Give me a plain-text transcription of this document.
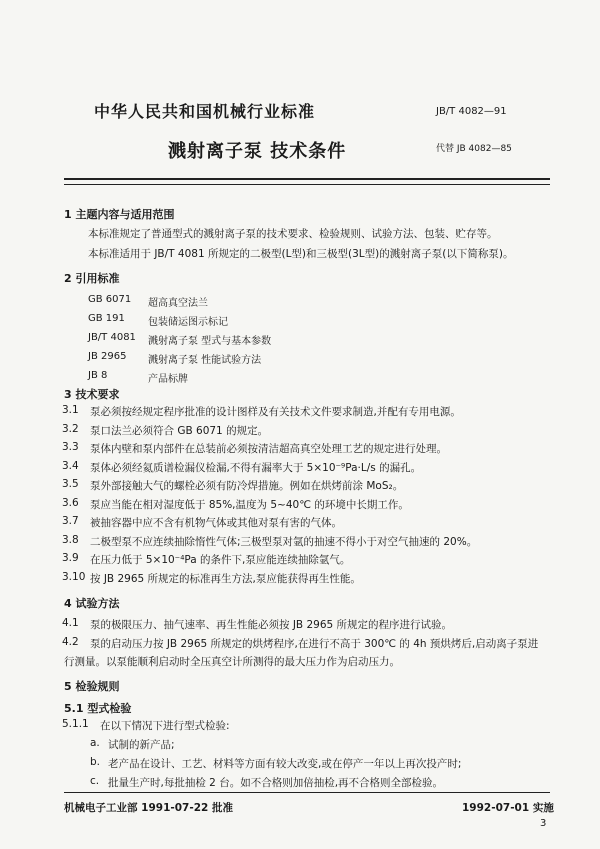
中华人民共和国机械行业标准	JB/T 4082—91
溅射离子泵 技术条件	代替 JB 4082—85
1 主题内容与适用范围
本标准规定了普通型式的溅射离子泵的技术要求、检验规则、试验方法、包装、贮存等。
本标准适用于 JB/T 4081 所规定的二极型(L型)和三极型(3L型)的溅射离子泵(以下简称泵)。
2 引用标准
GB 6071 超高真空法兰
GB 191 包装储运图示标记
JB/T 4081 溅射离子泵 型式与基本参数
JB 2965 溅射离子泵 性能试验方法
JB 8	产品标牌
3 技术要求
3.1 泵必须按经规定程序批准的设计图样及有关技术文件要求制造,并配有专用电源。
3.2 泵口法兰必须符合 GB 6071 的规定。
3.3 泵体内壁和泵内部件在总装前必须按清洁超高真空处理工艺的规定进行处理。
3.4 泵体必须经氦质谱检漏仪检漏,不得有漏率大于 5×10⁻⁹Pa·L/s 的漏孔。
3.5 泵外部接触大气的螺栓必须有防冷焊措施。例如在烘烤前涂 MoS₂。
3.6 泵应当能在相对湿度低于 85%,温度为 5~40℃ 的环境中长期工作。
3.7 被抽容器中应不含有机物气体或其他对泵有害的气体。
3.8 二极型泵不应连续抽除惰性气体;三极型泵对氩的抽速不得小于对空气抽速的 20%。
3.9 在压力低于 5×10⁻⁴Pa 的条件下,泵应能连续抽除氩气。
3.10 按 JB 2965 所规定的标准再生方法,泵应能获得再生性能。
4 试验方法
4.1 泵的极限压力、抽气速率、再生性能必须按 JB 2965 所规定的程序进行试验。
4.2 泵的启动压力按 JB 2965 所规定的烘烤程序,在进行不高于 300℃ 的 4h 预烘烤后,启动离子泵进
行测量。以泵能顺利启动时全压真空计所测得的最大压力作为启动压力。
5 检验规则
5.1 型式检验
5.1.1 在以下情况下进行型式检验:
a. 试制的新产品;
b. 老产品在设计、工艺、材料等方面有较大改变,或在停产一年以上再次投产时;
c. 批量生产时,每批抽检 2 台。如不合格则加倍抽检,再不合格则全部检验。
机械电子工业部 1991-07-22 批准	1992-07-01 实施
3
